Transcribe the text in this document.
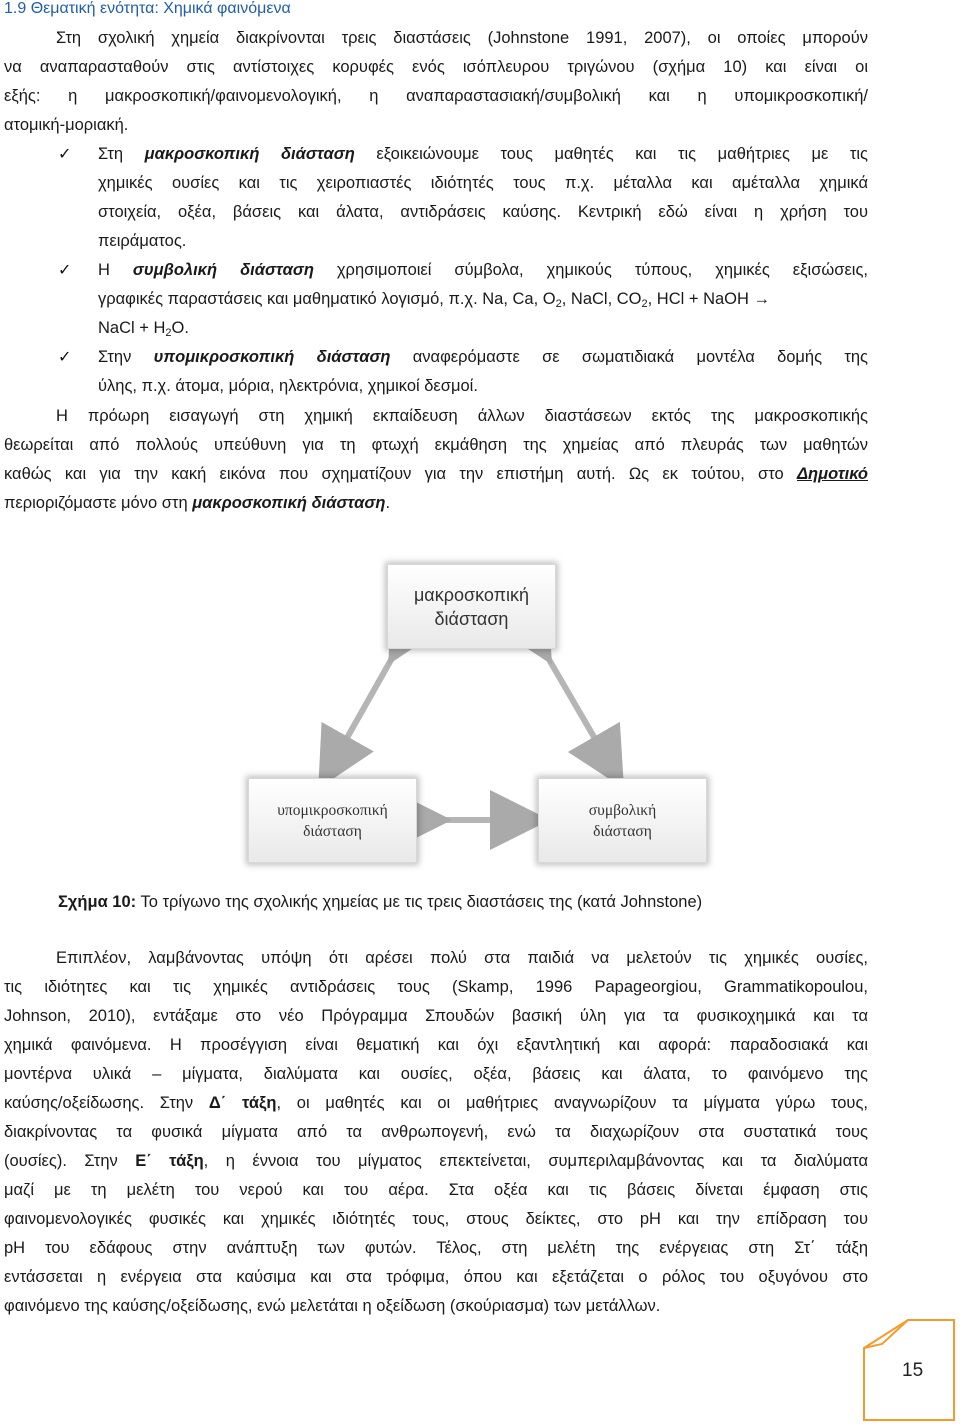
1.9 Θεματική ενότητα: Χημικά φαινόμενα
Στη σχολική χημεία διακρίνονται τρεις διαστάσεις (Johnstone 1991, 2007), οι οποίες μπορούν
να αναπαρασταθούν στις αντίστοιχες κορυφές ενός ισόπλευρου τριγώνου (σχήμα 10) και είναι οι
εξής: η μακροσκοπική/φαινομενολογική, η αναπαραστασιακή/συμβολική και η υπομικροσκοπική/
ατομική-μοριακή.
✓ Στη μακροσκοπική διάσταση εξοικειώνουμε τους μαθητές και τις μαθήτριες με τις
χημικές ουσίες και τις χειροπιαστές ιδιότητές τους π.χ. μέταλλα και αμέταλλα χημικά
στοιχεία, οξέα, βάσεις και άλατα, αντιδράσεις καύσης. Κεντρική εδώ είναι η χρήση του
πειράματος.
✓ Η συμβολική διάσταση χρησιμοποιεί σύμβολα, χημικούς τύπους, χημικές εξισώσεις,
γραφικές παραστάσεις και μαθηματικό λογισμό, π.χ. Na, Ca, $O_2$, NaCl, $CO_2$, HCl + NaOH →
NaCl + $H_2O$.
✓ Στην υπομικροσκοπική διάσταση αναφερόμαστε σε σωματιδιακά μοντέλα δομής της
ύλης, π.χ. άτομα, μόρια, ηλεκτρόνια, χημικοί δεσμοί.
Η πρόωρη εισαγωγή στη χημική εκπαίδευση άλλων διαστάσεων εκτός της μακροσκοπικής
θεωρείται από πολλούς υπεύθυνη για τη φτωχή εκμάθηση της χημείας από πλευράς των μαθητών
καθώς και για την κακή εικόνα που σχηματίζουν για την επιστήμη αυτή. Ως εκ τούτου, στο Δημοτικό
περιοριζόμαστε μόνο στη μακροσκοπική διάσταση.
μακροσκοπική
διάσταση
υπομικροσκοπική
διάσταση
συμβολική
διάσταση
Σχήμα 10: Το τρίγωνο της σχολικής χημείας με τις τρεις διαστάσεις της (κατά Johnstone)
Επιπλέον, λαμβάνοντας υπόψη ότι αρέσει πολύ στα παιδιά να μελετούν τις χημικές ουσίες,
τις ιδιότητες και τις χημικές αντιδράσεις τους (Skamp, 1996 Papageorgiou, Grammatikopoulou,
Johnson, 2010), εντάξαμε στο νέο Πρόγραμμα Σπουδών βασική ύλη για τα φυσικοχημικά και τα
χημικά φαινόμενα. Η προσέγγιση είναι θεματική και όχι εξαντλητική και αφορά: παραδοσιακά και
μοντέρνα υλικά – μίγματα, διαλύματα και ουσίες, οξέα, βάσεις και άλατα, το φαινόμενο της
καύσης/οξείδωσης. Στην Δ΄ τάξη, οι μαθητές και οι μαθήτριες αναγνωρίζουν τα μίγματα γύρω τους,
διακρίνοντας τα φυσικά μίγματα από τα ανθρωπογενή, ενώ τα διαχωρίζουν στα συστατικά τους
(ουσίες). Στην Ε΄ τάξη, η έννοια του μίγματος επεκτείνεται, συμπεριλαμβάνοντας και τα διαλύματα
μαζί με τη μελέτη του νερού και του αέρα. Στα οξέα και τις βάσεις δίνεται έμφαση στις
φαινομενολογικές φυσικές και χημικές ιδιότητές τους, στους δείκτες, στο pH και την επίδραση του
pH του εδάφους στην ανάπτυξη των φυτών. Τέλος, στη μελέτη της ενέργειας στη Στ΄ τάξη
εντάσσεται η ενέργεια στα καύσιμα και στα τρόφιμα, όπου και εξετάζεται ο ρόλος του οξυγόνου στο
φαινόμενο της καύσης/οξείδωσης, ενώ μελετάται η οξείδωση (σκούριασμα) των μετάλλων.
15
